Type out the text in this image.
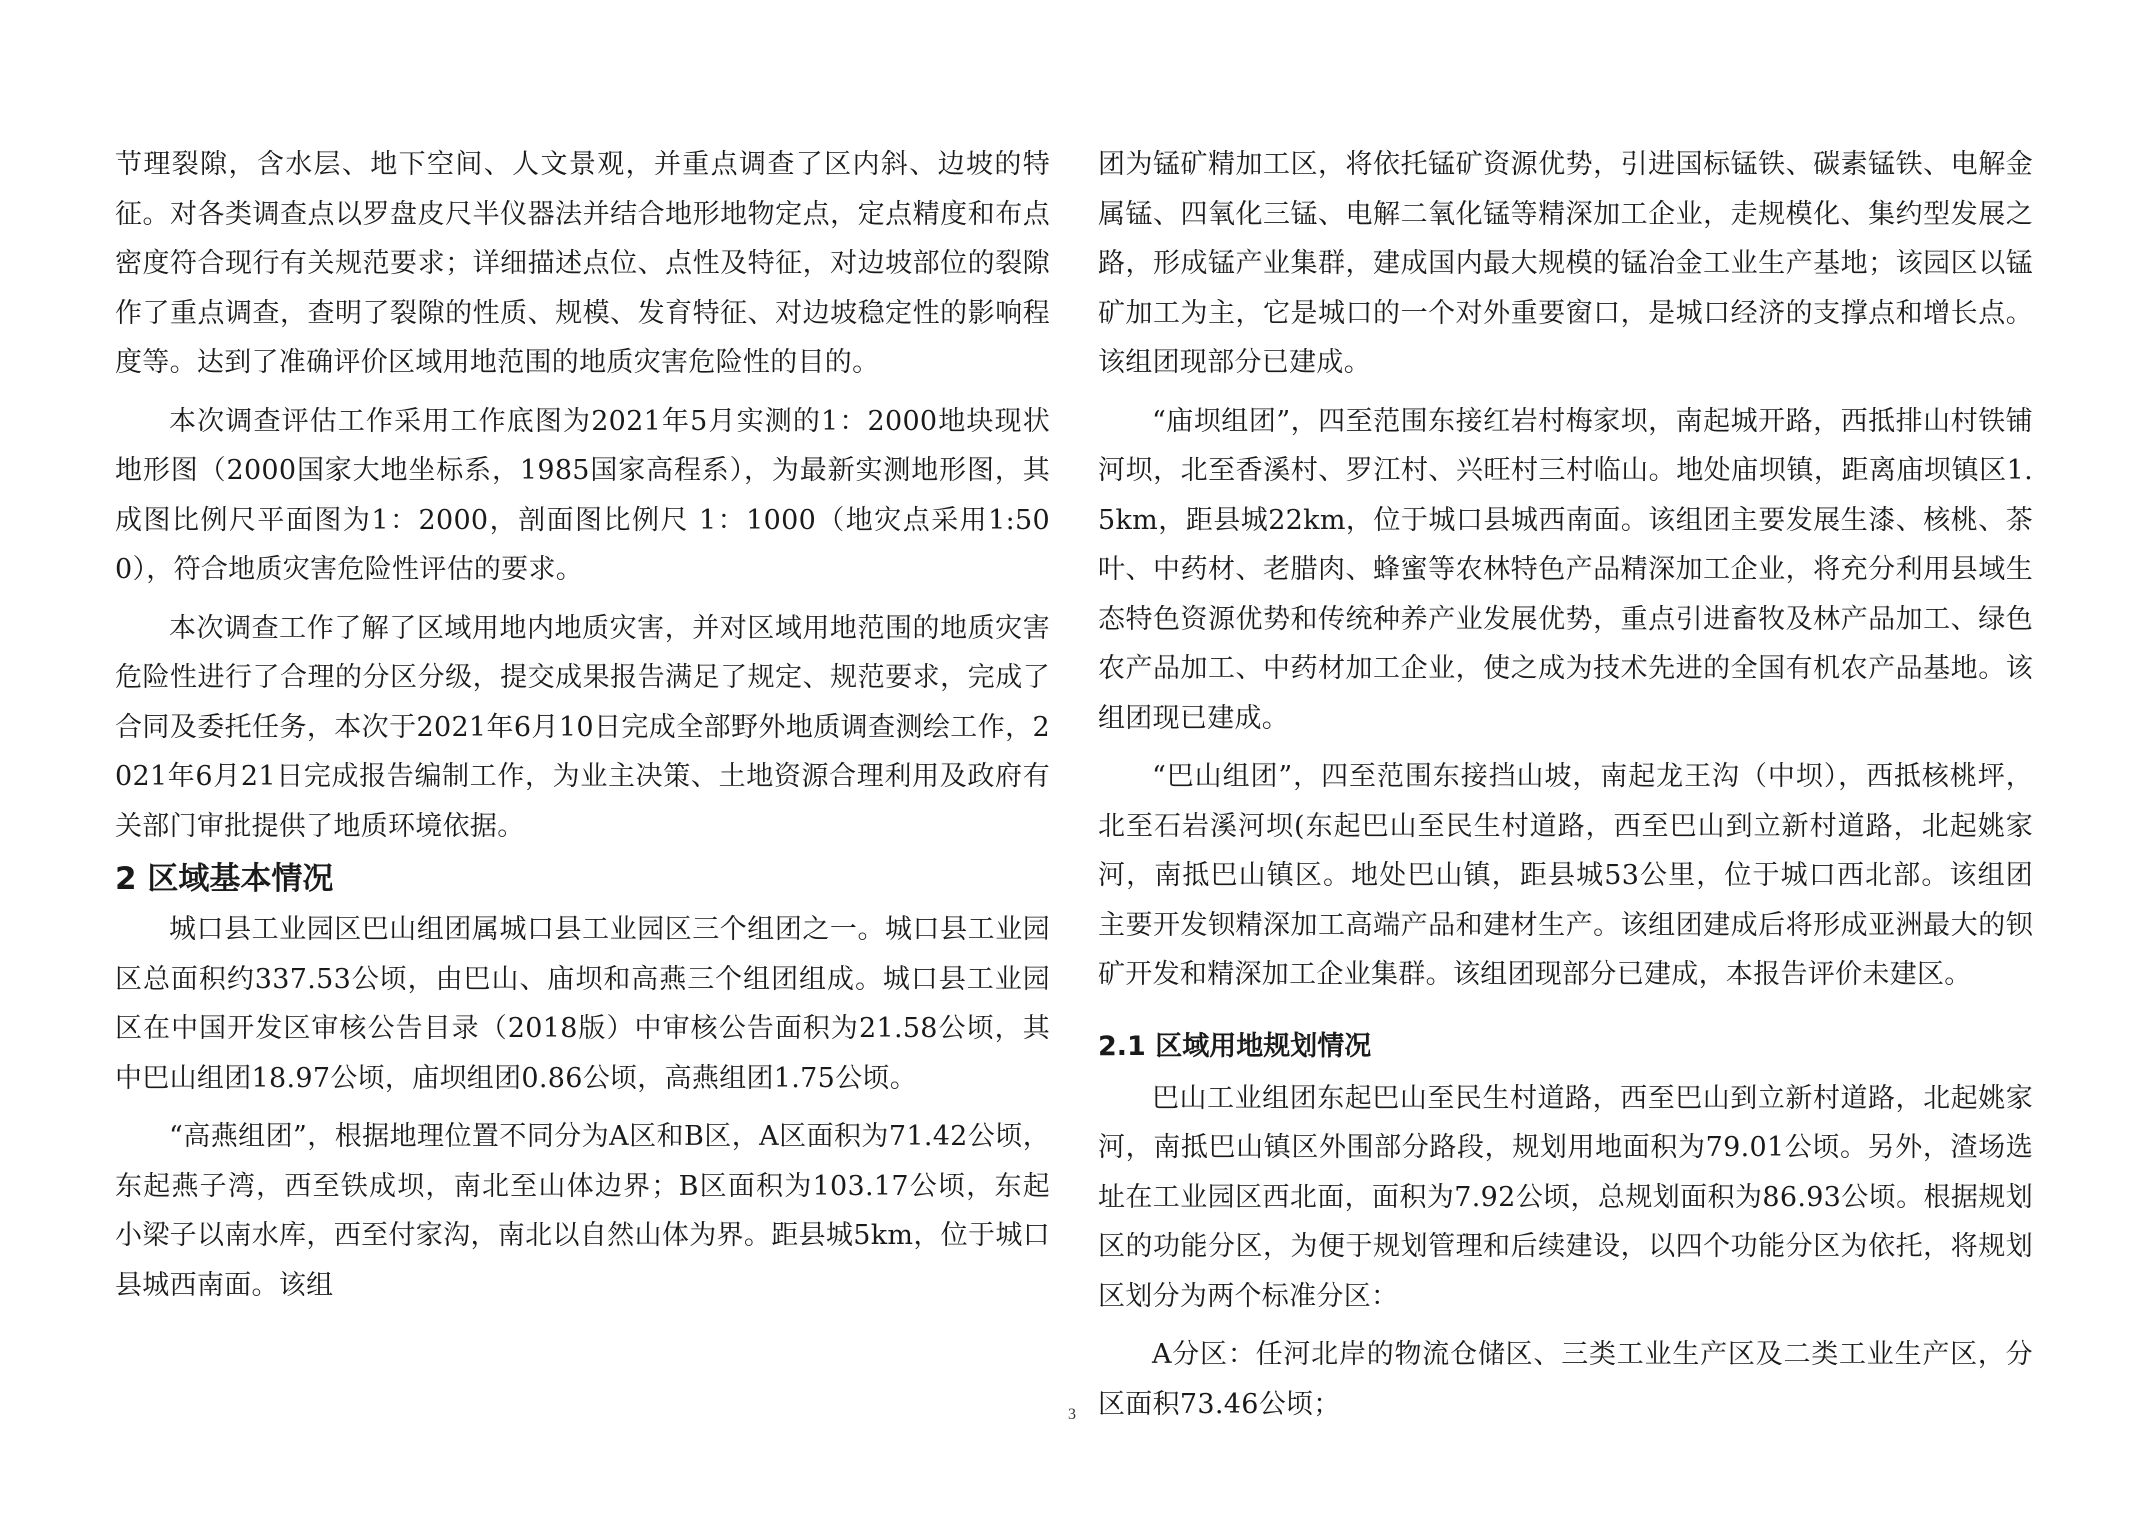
节理裂隙，含水层、地下空间、人文景观，并重点调查了区内斜、边坡的特征。对各类调查点以罗盘皮尺半仪器法并结合地形地物定点，定点精度和布点密度符合现行有关规范要求；详细描述点位、点性及特征，对边坡部位的裂隙作了重点调查，查明了裂隙的性质、规模、发育特征、对边坡稳定性的影响程度等。达到了准确评价区域用地范围的地质灾害危险性的目的。

本次调查评估工作采用工作底图为2021年5月实测的1：2000地块现状地形图（2000国家大地坐标系，1985国家高程系），为最新实测地形图，其成图比例尺平面图为1：2000，剖面图比例尺 1：1000（地灾点采用1:500），符合地质灾害危险性评估的要求。

本次调查工作了解了区域用地内地质灾害，并对区域用地范围的地质灾害危险性进行了合理的分区分级，提交成果报告满足了规定、规范要求，完成了合同及委托任务，本次于2021年6月10日完成全部野外地质调查测绘工作，2021年6月21日完成报告编制工作，为业主决策、土地资源合理利用及政府有关部门审批提供了地质环境依据。

2 区域基本情况

城口县工业园区巴山组团属城口县工业园区三个组团之一。城口县工业园区总面积约337.53公顷，由巴山、庙坝和高燕三个组团组成。城口县工业园区在中国开发区审核公告目录（2018版）中审核公告面积为21.58公顷，其中巴山组团18.97公顷，庙坝组团0.86公顷，高燕组团1.75公顷。

“高燕组团”，根据地理位置不同分为A区和B区，A区面积为71.42公顷，东起燕子湾，西至铁成坝，南北至山体边界；B区面积为103.17公顷，东起小梁子以南水库，西至付家沟，南北以自然山体为界。距县城5km，位于城口县城西南面。该组

团为锰矿精加工区，将依托锰矿资源优势，引进国标锰铁、碳素锰铁、电解金属锰、四氧化三锰、电解二氧化锰等精深加工企业，走规模化、集约型发展之路，形成锰产业集群，建成国内最大规模的锰冶金工业生产基地；该园区以锰矿加工为主，它是城口的一个对外重要窗口，是城口经济的支撑点和增长点。该组团现部分已建成。

“庙坝组团”，四至范围东接红岩村梅家坝，南起城开路，西抵排山村铁铺河坝，北至香溪村、罗江村、兴旺村三村临山。地处庙坝镇，距离庙坝镇区1.5km，距县城22km，位于城口县城西南面。该组团主要发展生漆、核桃、茶叶、中药材、老腊肉、蜂蜜等农林特色产品精深加工企业，将充分利用县域生态特色资源优势和传统种养产业发展优势，重点引进畜牧及林产品加工、绿色农产品加工、中药材加工企业，使之成为技术先进的全国有机农产品基地。该组团现已建成。

“巴山组团”，四至范围东接挡山坡，南起龙王沟（中坝），西抵核桃坪，北至石岩溪河坝(东起巴山至民生村道路，西至巴山到立新村道路，北起姚家河，南抵巴山镇区。地处巴山镇，距县城53公里，位于城口西北部。该组团主要开发钡精深加工高端产品和建材生产。该组团建成后将形成亚洲最大的钡矿开发和精深加工企业集群。该组团现部分已建成，本报告评价未建区。

2.1 区域用地规划情况

巴山工业组团东起巴山至民生村道路，西至巴山到立新村道路，北起姚家河，南抵巴山镇区外围部分路段，规划用地面积为79.01公顷。另外，渣场选址在工业园区西北面，面积为7.92公顷，总规划面积为86.93公顷。根据规划区的功能分区，为便于规划管理和后续建设，以四个功能分区为依托，将规划区划分为两个标准分区：

A分区：任河北岸的物流仓储区、三类工业生产区及二类工业生产区，分区面积73.46公顷；

3
